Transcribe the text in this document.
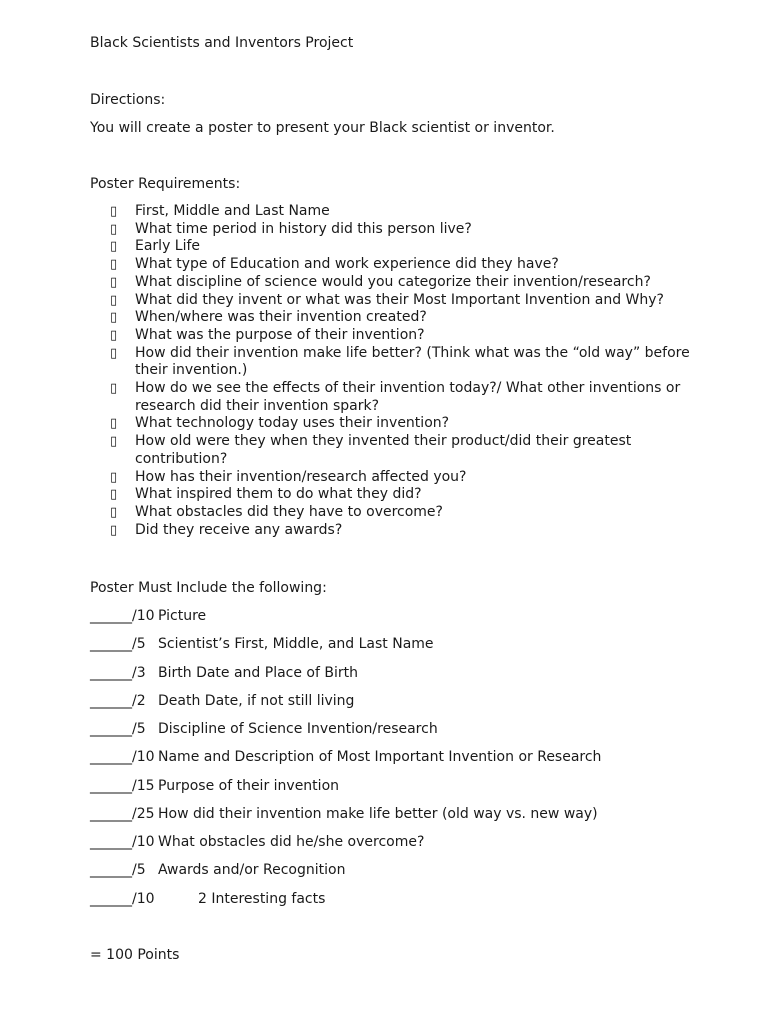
Black Scientists and Inventors Project
Directions:
You will create a poster to present your Black scientist or inventor.
Poster Requirements:
▯ First, Middle and Last Name
▯ What time period in history did this person live?
▯ Early Life
▯ What type of Education and work experience did they have?
▯ What discipline of science would you categorize their invention/research?
▯ What did they invent or what was their Most Important Invention and Why?
▯ When/where was their invention created?
▯ What was the purpose of their invention?
▯ How did their invention make life better? (Think what was the “old way” before their invention.)
▯ How do we see the effects of their invention today?/ What other inventions or research did their invention spark?
▯ What technology today uses their invention?
▯ How old were they when they invented their product/did their greatest contribution?
▯ How has their invention/research affected you?
▯ What inspired them to do what they did?
▯ What obstacles did they have to overcome?
▯ Did they receive any awards?
Poster Must Include the following:
______/10 Picture
______/5 Scientist’s First, Middle, and Last Name
______/3 Birth Date and Place of Birth
______/2 Death Date, if not still living
______/5 Discipline of Science Invention/research
______/10 Name and Description of Most Important Invention or Research
______/15 Purpose of their invention
______/25 How did their invention make life better (old way vs. new way)
______/10 What obstacles did he/she overcome?
______/5 Awards and/or Recognition
______/10	2 Interesting facts
= 100 Points
